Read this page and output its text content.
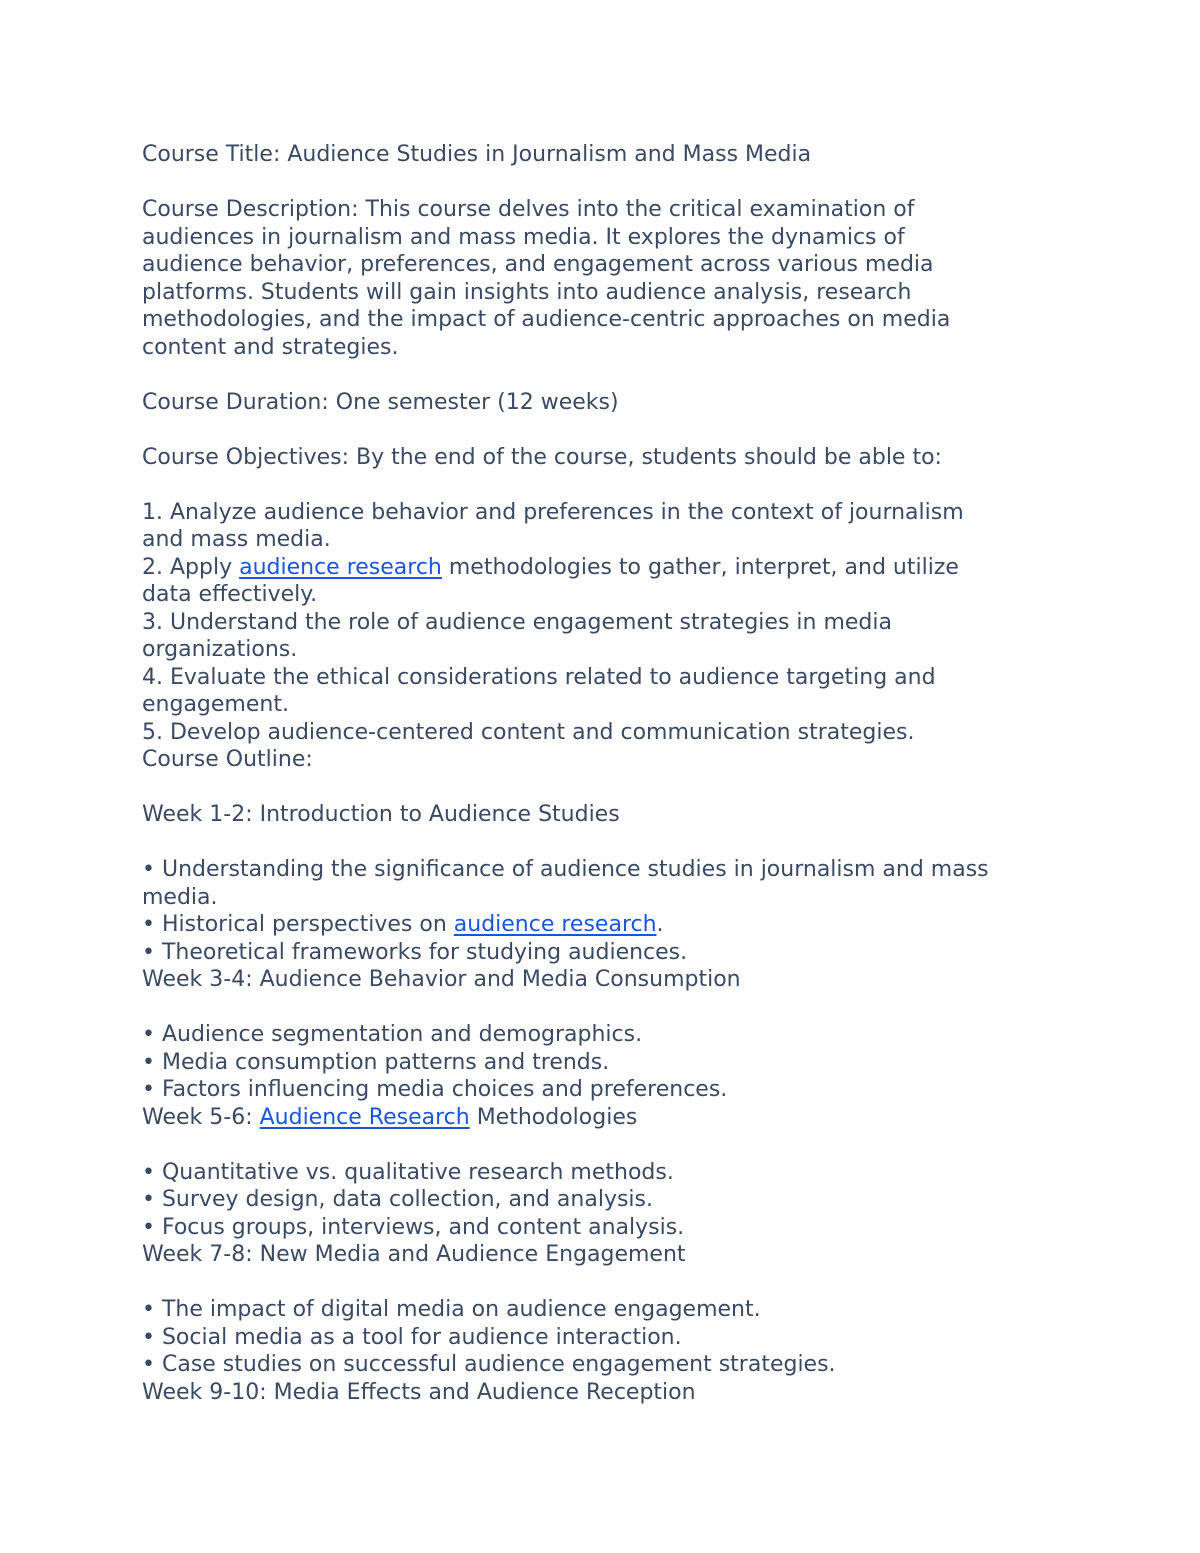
Course Title: Audience Studies in Journalism and Mass Media
Course Description: This course delves into the critical examination of
audiences in journalism and mass media. It explores the dynamics of
audience behavior, preferences, and engagement across various media
platforms. Students will gain insights into audience analysis, research
methodologies, and the impact of audience-centric approaches on media
content and strategies.
Course Duration: One semester (12 weeks)
Course Objectives: By the end of the course, students should be able to:
1. Analyze audience behavior and preferences in the context of journalism
and mass media.
2. Apply audience research methodologies to gather, interpret, and utilize
data effectively.
3. Understand the role of audience engagement strategies in media
organizations.
4. Evaluate the ethical considerations related to audience targeting and
engagement.
5. Develop audience-centered content and communication strategies.
Course Outline:
Week 1-2: Introduction to Audience Studies
• Understanding the significance of audience studies in journalism and mass
media.
• Historical perspectives on audience research.
• Theoretical frameworks for studying audiences.
Week 3-4: Audience Behavior and Media Consumption
• Audience segmentation and demographics.
• Media consumption patterns and trends.
• Factors influencing media choices and preferences.
Week 5-6: Audience Research Methodologies
• Quantitative vs. qualitative research methods.
• Survey design, data collection, and analysis.
• Focus groups, interviews, and content analysis.
Week 7-8: New Media and Audience Engagement
• The impact of digital media on audience engagement.
• Social media as a tool for audience interaction.
• Case studies on successful audience engagement strategies.
Week 9-10: Media Effects and Audience Reception
